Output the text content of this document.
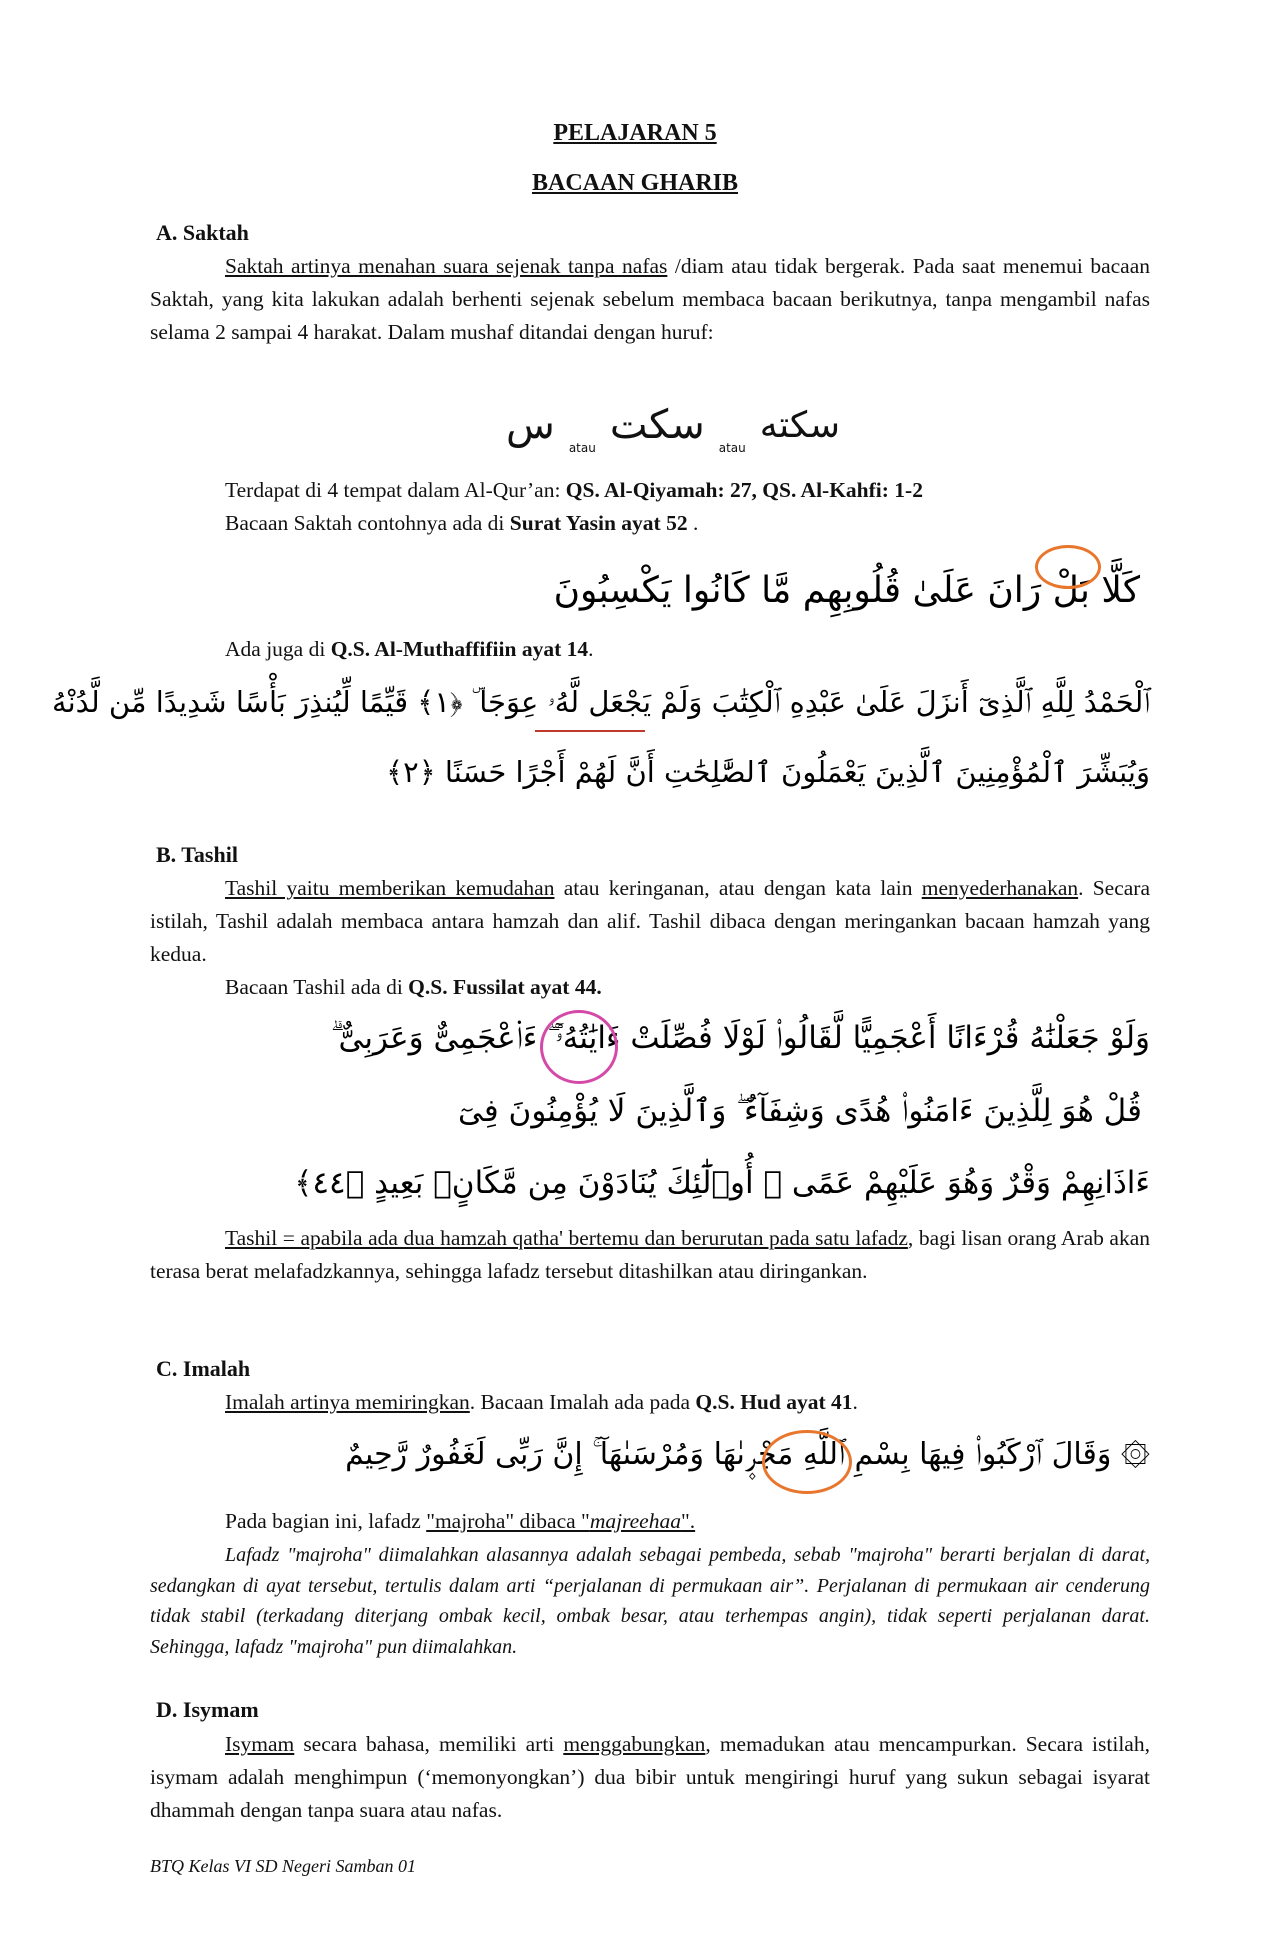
PELAJARAN 5
BACAAN GHARIB
A. Saktah
Saktah artinya menahan suara sejenak tanpa nafas /diam atau tidak bergerak. Pada saat menemui bacaan Saktah, yang kita lakukan adalah berhenti sejenak sebelum membaca bacaan berikutnya, tanpa mengambil nafas selama 2 sampai 4 harakat. Dalam mushaf ditandai dengan huruf:
سكته
atau
سكت
atau
س
Terdapat di 4 tempat dalam Al-Qur’an: QS. Al-Qiyamah: 27, QS. Al-Kahfi: 1-2
Bacaan Saktah contohnya ada di Surat Yasin ayat 52 .
كَلَّا بَلْ رَانَ عَلَىٰ قُلُوبِهِم مَّا كَانُوا يَكْسِبُونَ
Ada juga di Q.S. Al-Muthaffifiin ayat 14.
ٱلْحَمْدُ لِلَّهِ ٱلَّذِىٓ أَنزَلَ عَلَىٰ عَبْدِهِ ٱلْكِتَٰبَ وَلَمْ يَجْعَل لَّهُۥ عِوَجَا ۜ ﴿١﴾ قَيِّمًا لِّيُنذِرَ بَأْسًا شَدِيدًا مِّن لَّدُنْهُ
وَيُبَشِّرَ ٱلْمُؤْمِنِينَ ٱلَّذِينَ يَعْمَلُونَ ٱلصَّٰلِحَٰتِ أَنَّ لَهُمْ أَجْرًا حَسَنًا ﴿٢﴾
B. Tashil
Tashil yaitu memberikan kemudahan atau keringanan, atau dengan kata lain menyederhanakan. Secara istilah, Tashil adalah membaca antara hamzah dan alif. Tashil dibaca dengan meringankan bacaan hamzah yang kedua.
Bacaan Tashil ada di Q.S. Fussilat ayat 44.
وَلَوْ جَعَلْنَٰهُ قُرْءَانًا أَعْجَمِيًّا لَّقَالُوا۟ لَوْلَا فُصِّلَتْ ءَايَٰتُهُۥٓ ۖ ءَا۬عْجَمِىٌّ وَعَرَبِىٌّ ۗ
قُلْ هُوَ لِلَّذِينَ ءَامَنُوا۟ هُدًى وَشِفَآءٌ ۖ وَٱلَّذِينَ لَا يُؤْمِنُونَ فِىٓ
ءَاذَانِهِمْ وَقْرٌ وَهُوَ عَلَيْهِمْ عَمًى ۚ أُو۟لَٰٓئِكَ يُنَادَوْنَ مِن مَّكَانٍۭ بَعِيدٍ ﴿٤٤﴾
Tashil = apabila ada dua hamzah qatha' bertemu dan berurutan pada satu lafadz, bagi lisan orang Arab akan terasa berat melafadzkannya, sehingga lafadz tersebut ditashilkan atau diringankan.
C. Imalah
Imalah artinya memiringkan. Bacaan Imalah ada pada Q.S. Hud ayat 41.
۞ وَقَالَ ٱرْكَبُوا۟ فِيهَا بِسْمِ ٱللَّهِ مَجْر۪ىٰهَا وَمُرْسَىٰهَآ ۚ إِنَّ رَبِّى لَغَفُورٌ رَّحِيمٌ
Pada bagian ini, lafadz "majroha" dibaca "majreehaa".
Lafadz "majroha" diimalahkan alasannya adalah sebagai pembeda, sebab "majroha" berarti berjalan di darat, sedangkan di ayat tersebut, tertulis dalam arti “perjalanan di permukaan air”. Perjalanan di permukaan air cenderung tidak stabil (terkadang diterjang ombak kecil, ombak besar, atau terhempas angin), tidak seperti perjalanan darat. Sehingga, lafadz "majroha" pun diimalahkan.
D. Isymam
Isymam secara bahasa, memiliki arti menggabungkan, memadukan atau mencampurkan. Secara istilah, isymam adalah menghimpun (‘memonyongkan’) dua bibir untuk mengiringi huruf yang sukun sebagai isyarat dhammah dengan tanpa suara atau nafas.
BTQ Kelas VI SD Negeri Samban 01
